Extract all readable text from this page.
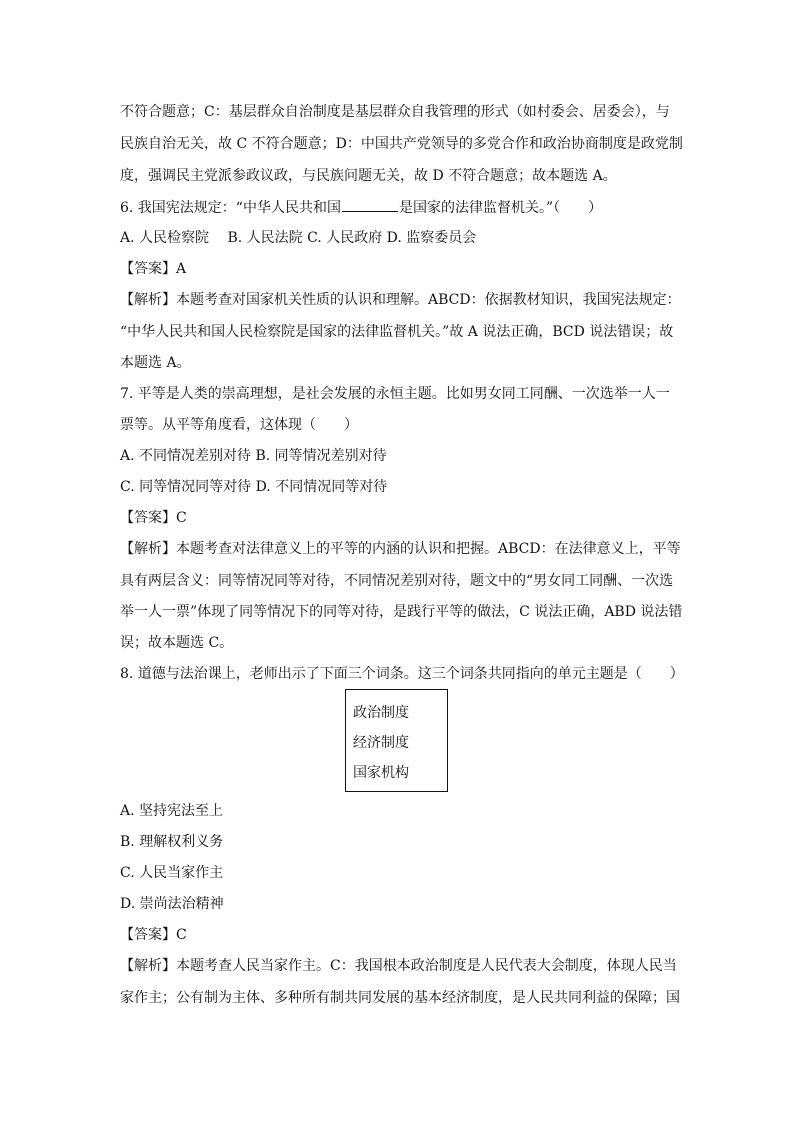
不符合题意；C：基层群众自治制度是基层群众自我管理的形式（如村委会、居委会），与
民族自治无关，故 C 不符合题意；D：中国共产党领导的多党合作和政治协商制度是政党制
度，强调民主党派参政议政，与民族问题无关，故 D 不符合题意；故本题选 A。
6. 我国宪法规定：“中华人民共和国	是国家的法律监督机关。”（　　）
A. 人民检察院　 B. 人民法院 C. 人民政府 D. 监察委员会
【答案】A
【解析】本题考查对国家机关性质的认识和理解。ABCD：依据教材知识，我国宪法规定：
“中华人民共和国人民检察院是国家的法律监督机关。”故 A 说法正确，BCD 说法错误；故
本题选 A。
7. 平等是人类的崇高理想，是社会发展的永恒主题。比如男女同工同酬、一次选举一人一
票等。从平等角度看，这体现（　　）
A. 不同情况差别对待 B. 同等情况差别对待
C. 同等情况同等对待 D. 不同情况同等对待
【答案】C
【解析】本题考查对法律意义上的平等的内涵的认识和把握。ABCD：在法律意义上，平等
具有两层含义：同等情况同等对待，不同情况差别对待，题文中的“男女同工同酬、一次选
举一人一票”体现了同等情况下的同等对待，是践行平等的做法，C 说法正确，ABD 说法错
误；故本题选 C。
8. 道德与法治课上，老师出示了下面三个词条。这三个词条共同指向的单元主题是（　　）
政治制度
经济制度
国家机构
A. 坚持宪法至上
B. 理解权利义务
C. 人民当家作主
D. 崇尚法治精神
【答案】C
【解析】本题考查人民当家作主。C：我国根本政治制度是人民代表大会制度，体现人民当
家作主；公有制为主体、多种所有制共同发展的基本经济制度，是人民共同利益的保障；国
